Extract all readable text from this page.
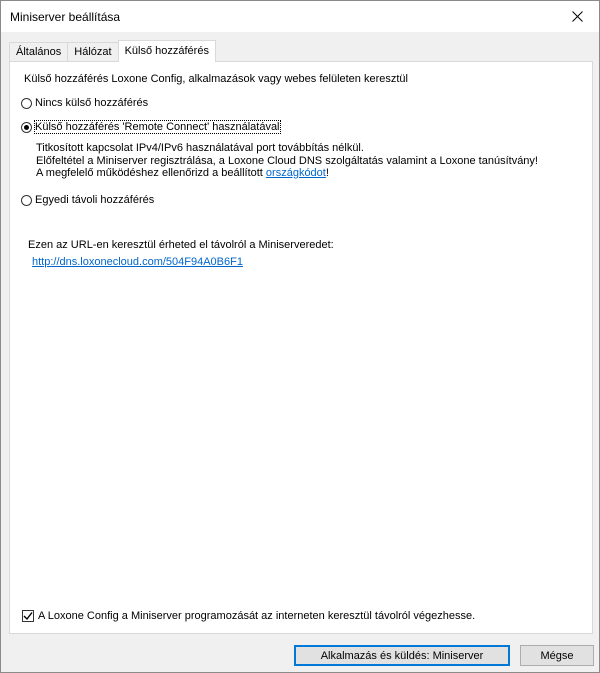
Miniserver beállítása
Általános	Hálózat	Külső hozzáférés
Külső hozzáférés Loxone Config, alkalmazások vagy webes felületen keresztül
Nincs külső hozzáférés
Külső hozzáférés 'Remote Connect' használatával
Titkosított kapcsolat IPv4/IPv6 használatával port továbbítás nélkül.
Előfeltétel a Miniserver regisztrálása, a Loxone Cloud DNS szolgáltatás valamint a Loxone tanúsítvány!
A megfelelő működéshez ellenőrizd a beállított országkódot!
Egyedi távoli hozzáférés
Ezen az URL-en keresztül érheted el távolról a Miniserveredet:
http://dns.loxonecloud.com/504F94A0B6F1
A Loxone Config a Miniserver programozását az interneten keresztül távolról végezhesse.
Alkalmazás és küldés: Miniserver	Mégse
